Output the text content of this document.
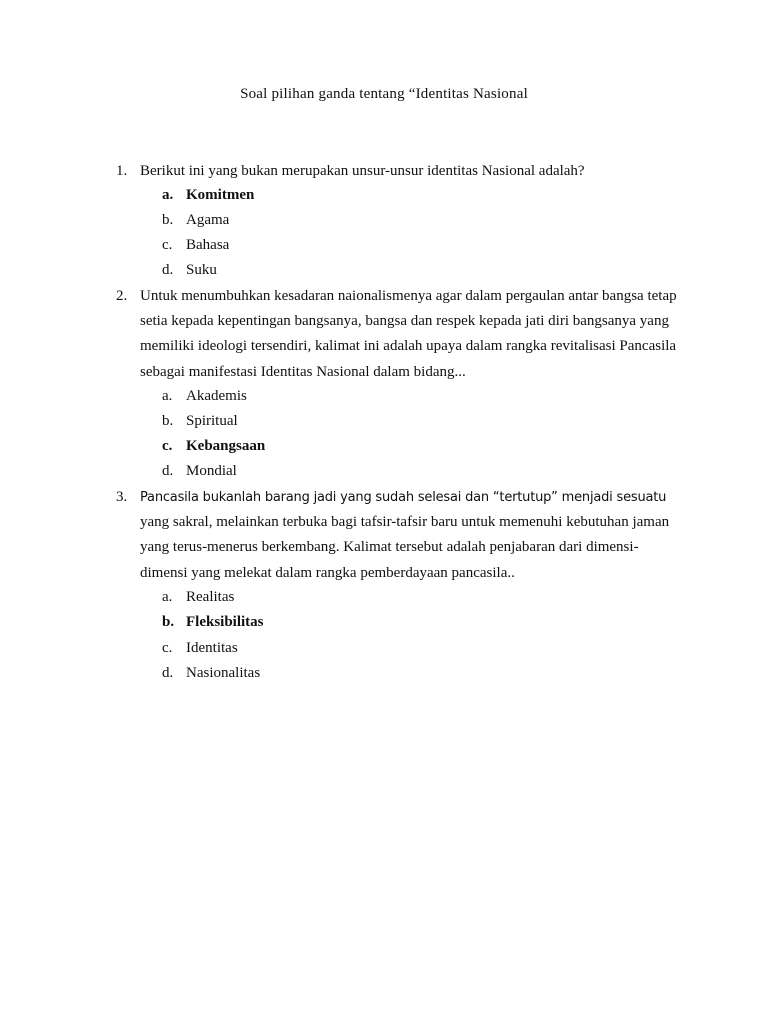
Soal pilihan ganda tentang “Identitas Nasional
1. Berikut ini yang bukan merupakan unsur-unsur identitas Nasional adalah?
a. Komitmen
b. Agama
c. Bahasa
d. Suku
2. Untuk menumbuhkan kesadaran naionalismenya agar dalam pergaulan antar bangsa tetap setia kepada kepentingan bangsanya, bangsa dan respek kepada jati diri bangsanya yang memiliki ideologi tersendiri, kalimat ini adalah upaya dalam rangka revitalisasi Pancasila sebagai manifestasi Identitas Nasional dalam bidang...
a. Akademis
b. Spiritual
c. Kebangsaan
d. Mondial
3. Pancasila bukanlah barang jadi yang sudah selesai dan “tertutup” menjadi sesuatu yang sakral, melainkan terbuka bagi tafsir-tafsir baru untuk memenuhi kebutuhan jaman yang terus-menerus berkembang. Kalimat tersebut adalah penjabaran dari dimensi-dimensi yang melekat dalam rangka pemberdayaan pancasila..
a. Realitas
b. Fleksibilitas
c. Identitas
d. Nasionalitas
